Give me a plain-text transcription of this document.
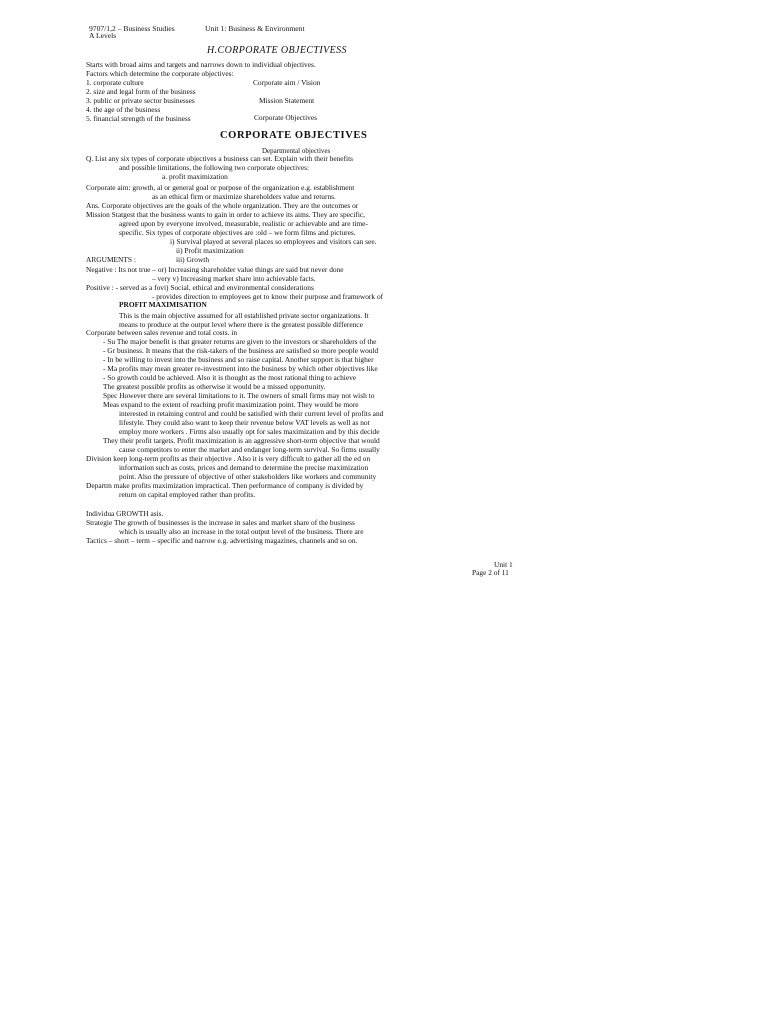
9707/1,2 – Business Studies	Unit 1: Business & Environment
A Levels
H.CORPORATE OBJECTIVESS
Starts with broad aims and targets and narrows down to individual objectives.
Factors which determine the corporate objectives:
1. corporate culture
2. size and legal form of the business
3. public or private sector businesses
4. the age of the business
5. financial strength of the business
Corporate aim / Vision
Mission Statement
Corporate Objectives
CORPORATE OBJECTIVES
Departmental objectives
Q. List any six types of corporate objectives a business can set. Explain with their benefits
and possible limitations, the following two corporate objectives:
a. profit maximization
Corporate aim: growth, al or general goal or purpose of the organization e.g. establishment
as an ethical firm or maximize shareholders value and returns.
Ans. Corporate objectives are the goals of the whole organization. They are the outcomes or
Mission Statgest that the business wants to gain in order to achieve its aims. They are specific,
agreed upon by everyone involved, measurable, realistic or achievable and are time-
specific. Six types of corporate objectives are :old – we form films and pictures.
i) Survival played at several places so employees and visitors can see.
ii) Profit maximization
ARGUMENTS :	iii) Growth
Negative : Its not true – or) Increasing shareholder value things are said but never done
– very v) Increasing market share into achievable facts.
Positive : - served as a fovi) Social, ethical and environmental considerations
- provides direction to employees get to know their purpose and framework of
PROFIT MAXIMISATION
This is the main objective assumed for all established private sector organizations. It
means to produce at the output level where there is the greatest possible difference
Corporate between sales revenue and total costs. in
- Su The major benefit is that greater returns are given to the investors or shareholders of the
- Gr business. It means that the risk-takers of the business are satisfied so more people would
- In be willing to invest into the business and so raise capital. Another support is that higher
- Ma profits may mean greater re-investment into the business by which other objectives like
- So growth could be achieved. Also it is thought as the most rational thing to achieve
The greatest possible profits as otherwise it would be a missed opportunity.
Spec However there are several limitations to it. The owners of small firms may not wish to
Meas expand to the extent of reaching profit maximization point. They would be more
interested in retaining control and could be satisfied with their current level of profits and
lifestyle. They could also want to keep their revenue below VAT levels as well as not
employ more workers . Firms also usually opt for sales maximization and by this decide
They their profit targets. Profit maximization is an aggressive short-term objective that would
cause competitors to enter the market and endanger long-term survival. So firms usually
Division keep long-term profits as their objective . Also it is very difficult to gather all the ed on
information such as costs, prices and demand to determine the precise maximization
point. Also the pressure of objective of other stakeholders like workers and community
Departm make profits maximization impractical. Then performance of company is divided by
return on capital employed rather than profits.
Individua GROWTH asis.
Strategie The growth of businesses is the increase in sales and market share of the business
which is usually also an increase in the total output level of the business. There are
Tactics – short – term – specific and narrow e.g. advertising magazines, channels and so on.
Unit 1
Page 2 of 11
